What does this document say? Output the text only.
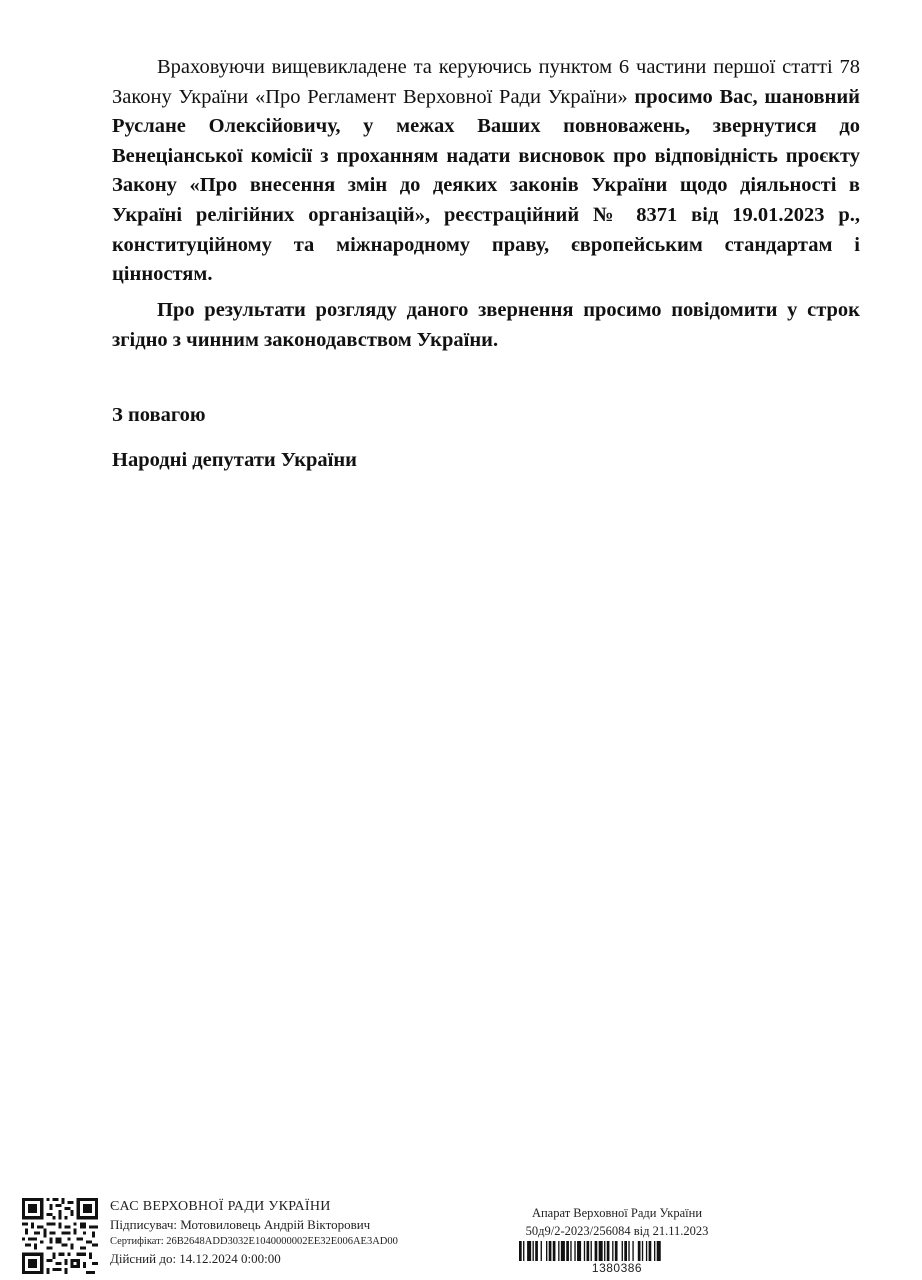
Враховуючи вищевикладене та керуючись пунктом 6 частини першої статті 78 Закону України «Про Регламент Верховної Ради України» просимо Вас, шановний Руслане Олексійовичу, у межах Ваших повноважень, звернутися до Венеціанської комісії з проханням надати висновок про відповідність проєкту Закону «Про внесення змін до деяких законів України щодо діяльності в Україні релігійних організацій», реєстраційний № 8371 від 19.01.2023 р., конституційному та міжнародному праву, європейським стандартам і цінностям.

Про результати розгляду даного звернення просимо повідомити у строк згідно з чинним законодавством України.

З повагою

Народні депутати України

ЄАС ВЕРХОВНОЇ РАДИ УКРАЇНИ
Підписувач: Мотовиловець Андрій Вікторович
Сертифікат: 26B2648ADD3032E1040000002EE32E006AE3AD00
Дійсний до: 14.12.2024 0:00:00
Апарат Верховної Ради України
50д9/2-2023/256084 від 21.11.2023
1380386
